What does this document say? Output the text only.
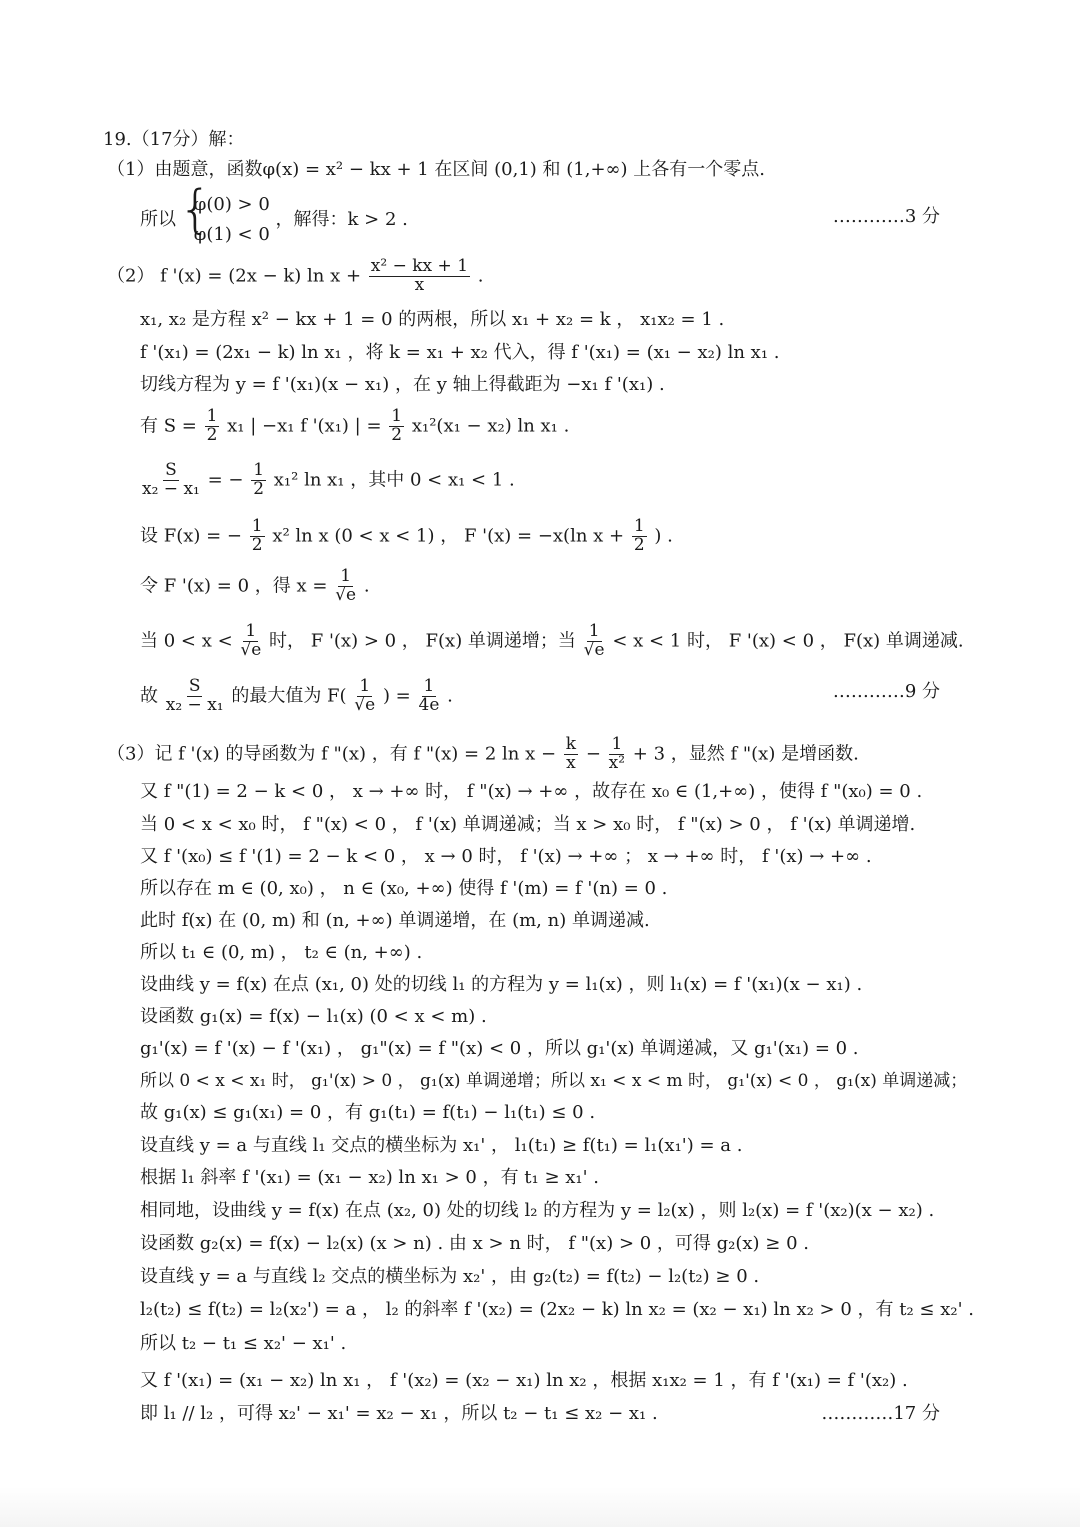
19.（17分）解：
（1）由题意，函数φ(x) = x² − kx + 1 在区间 (0,1) 和 (1,+∞) 上各有一个零点.
所以
{ φ(0) > 0
φ(1) < 0
，解得：k > 2 .	…………3 分
（2） f '(x) = (2x − k) $\ln x + \frac{\text{x² − kx + 1}}{x}$ .
x₁, x₂ 是方程 x² − kx + 1 = 0 的两根，所以 x₁ + x₂ = k ， x₁x₂ = 1 .
f '(x₁) = (2x₁ − k) ln x₁ ，将 k = x₁ + x₂ 代入，得 f '(x₁) = (x₁ − x₂) ln x₁ .
切线方程为 y = f '(x₁)(x − x₁) ，在 y 轴上得截距为 −x₁ f '(x₁) .
有 $S = \frac{1}{2} x_1$ | −x₁ f '(x₁) | = $\frac{1}{2} x_1^2(x_1 - x_2)$ ln x₁ .
$\frac{S}{\text{x₂ − x₁}}$ = − $\frac{1}{2} x_1^2$ ln x₁ ，其中 0 < x₁ < 1 .
设 F(x) = − $\frac{1}{2} x^2$ ln x (0 < x < 1) ， F '(x) = −x(ln $x + \frac{1}{2}$ ) .
令 F '(x) = 0 ，得 $x = \frac{1}{√e}$ .
当 $0 < x < \frac{1}{√e}$ 时， F '(x) > 0 ， F(x) 单调递增；当 $\frac{1}{√e} < x < 1$ 时， F '(x) < 0 ， F(x) 单调递减.
故 $\frac{S}{\text{x₂ − x₁}}$ 的最大值为 $F( \frac{1}{√e}$ ) = $\frac{1}{4e}$ .	…………9 分
（3）记 f '(x) 的导函数为 f "(x) ，有 f "(x) = 2 $\ln x - \frac{k}{x} - \frac{1}{\text{x²}} + 3$ ，显然 f "(x) 是增函数.
又 f "(1) = 2 − k < 0 ， x → +∞ 时， f "(x) → +∞ ，故存在 x₀ ∈ (1,+∞) ，使得 f "(x₀) = 0 .
当 0 < x < x₀ 时， f "(x) < 0 ， f '(x) 单调递减；当 x > x₀ 时， f "(x) > 0 ， f '(x) 单调递增.
又 f '(x₀) ≤ f '(1) = 2 − k < 0 ， x → 0 时， f '(x) → +∞ ； x → +∞ 时， f '(x) → +∞ .
所以存在 m ∈ (0, x₀) ， n ∈ (x₀, +∞) 使得 f '(m) = f '(n) = 0 .
此时 f(x) 在 (0, m) 和 (n, +∞) 单调递增，在 (m, n) 单调递减.
所以 t₁ ∈ (0, m) ， t₂ ∈ (n, +∞) .
设曲线 y = f(x) 在点 (x₁, 0) 处的切线 l₁ 的方程为 y = l₁(x) ，则 l₁(x) = f '(x₁)(x − x₁) .
设函数 g₁(x) = f(x) − l₁(x) (0 < x < m) .
g₁'(x) = f '(x) − f '(x₁) ， g₁"(x) = f "(x) < 0 ，所以 g₁'(x) 单调递减，又 g₁'(x₁) = 0 .
所以 0 < x < x₁ 时， g₁'(x) > 0 ， g₁(x) 单调递增；所以 x₁ < x < m 时， g₁'(x) < 0 ， g₁(x) 单调递减；
故 g₁(x) ≤ g₁(x₁) = 0 ，有 g₁(t₁) = f(t₁) − l₁(t₁) ≤ 0 .
设直线 y = a 与直线 l₁ 交点的横坐标为 x₁' ， l₁(t₁) ≥ f(t₁) = l₁(x₁') = a .
根据 l₁ 斜率 f '(x₁) = (x₁ − x₂) ln x₁ > 0 ，有 t₁ ≥ x₁' .
相同地，设曲线 y = f(x) 在点 (x₂, 0) 处的切线 l₂ 的方程为 y = l₂(x) ，则 l₂(x) = f '(x₂)(x − x₂) .
设函数 g₂(x) = f(x) − l₂(x) (x > n) . 由 x > n 时， f "(x) > 0 ，可得 g₂(x) ≥ 0 .
设直线 y = a 与直线 l₂ 交点的横坐标为 x₂' ，由 g₂(t₂) = f(t₂) − l₂(t₂) ≥ 0 .
l₂(t₂) ≤ f(t₂) = l₂(x₂') = a ， l₂ 的斜率 f '(x₂) = (2x₂ − k) ln x₂ = (x₂ − x₁) ln x₂ > 0 ，有 t₂ ≤ x₂' .
所以 t₂ − t₁ ≤ x₂' − x₁' .
又 f '(x₁) = (x₁ − x₂) ln x₁ ， f '(x₂) = (x₂ − x₁) ln x₂ ，根据 x₁x₂ = 1 ，有 f '(x₁) = f '(x₂) .
即 l₁ // l₂ ，可得 x₂' − x₁' = x₂ − x₁ ，所以 t₂ − t₁ ≤ x₂ − x₁ .	…………17 分
